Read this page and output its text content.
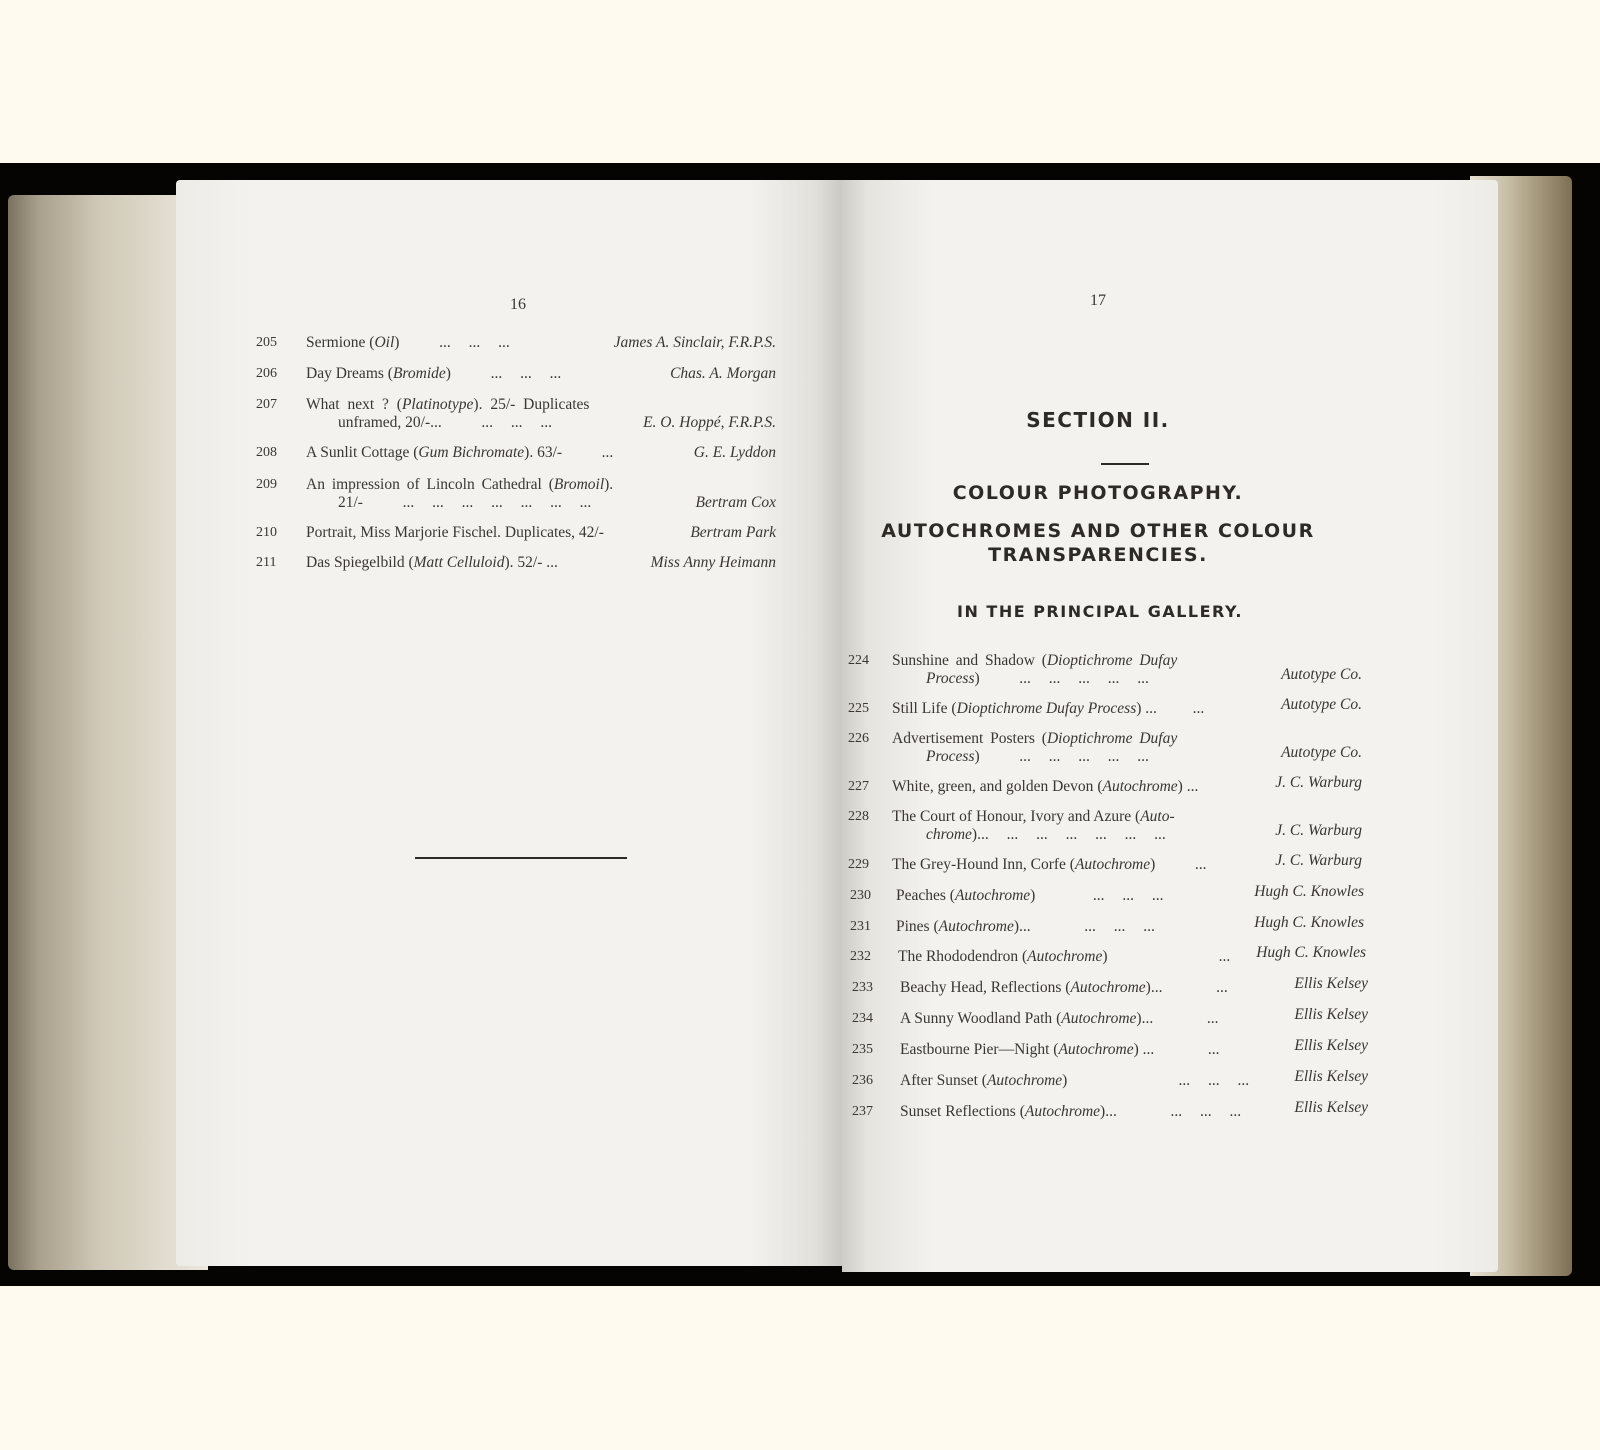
16
205	Sermione (Oil)   ... ... ...	James A. Sinclair, F.R.P.S.
206	Day Dreams (Bromide)   ... ... ...	Chas. A. Morgan
207	What next ? (Platinotype). 25/- Duplicates
unframed, 20/-...   ... ... ...	E. O. Hoppé, F.R.P.S.
208	A Sunlit Cottage (Gum Bichromate). 63/-   ...	G. E. Lyddon
209	An impression of Lincoln Cathedral (Bromoil).
21/-   ... ... ... ... ... ... ...	Bertram Cox
210	Portrait, Miss Marjorie Fischel. Duplicates, 42/-	Bertram Park
211	Das Spiegelbild (Matt Celluloid). 52/- ...	Miss Anny Heimann
17
SECTION II.
COLOUR PHOTOGRAPHY.
AUTOCHROMES AND OTHER COLOUR
TRANSPARENCIES.
IN THE PRINCIPAL GALLERY.
224	Sunshine and Shadow (Dioptichrome Dufay
Process)   ... ... ... ... ...	Autotype Co.
225	Still Life (Dioptichrome Dufay Process) ...  ...	Autotype Co.
226	Advertisement Posters (Dioptichrome Dufay
Process)   ... ... ... ... ...	Autotype Co.
227	White, green, and golden Devon (Autochrome) ...	J. C. Warburg
228	The Court of Honour, Ivory and Azure (Auto-
chrome)... ... ... ... ... ... ...	J. C. Warburg
229	The Grey-Hound Inn, Corfe (Autochrome)   ...	J. C. Warburg
230	Peaches (Autochrome)    ... ... ...	Hugh C. Knowles
231	Pines (Autochrome)...   ... ... ...	Hugh C. Knowles
232	The Rhododendron (Autochrome)       ... Hugh C. Knowles
233	Beachy Head, Reflections (Autochrome)...   ...	Ellis Kelsey
234	A Sunny Woodland Path (Autochrome)...   ...	Ellis Kelsey
235	Eastbourne Pier—Night (Autochrome) ...   ...	Ellis Kelsey
236	After Sunset (Autochrome)       ... ... ...	Ellis Kelsey
237	Sunset Reflections (Autochrome)...   ... ... ...	Ellis Kelsey
